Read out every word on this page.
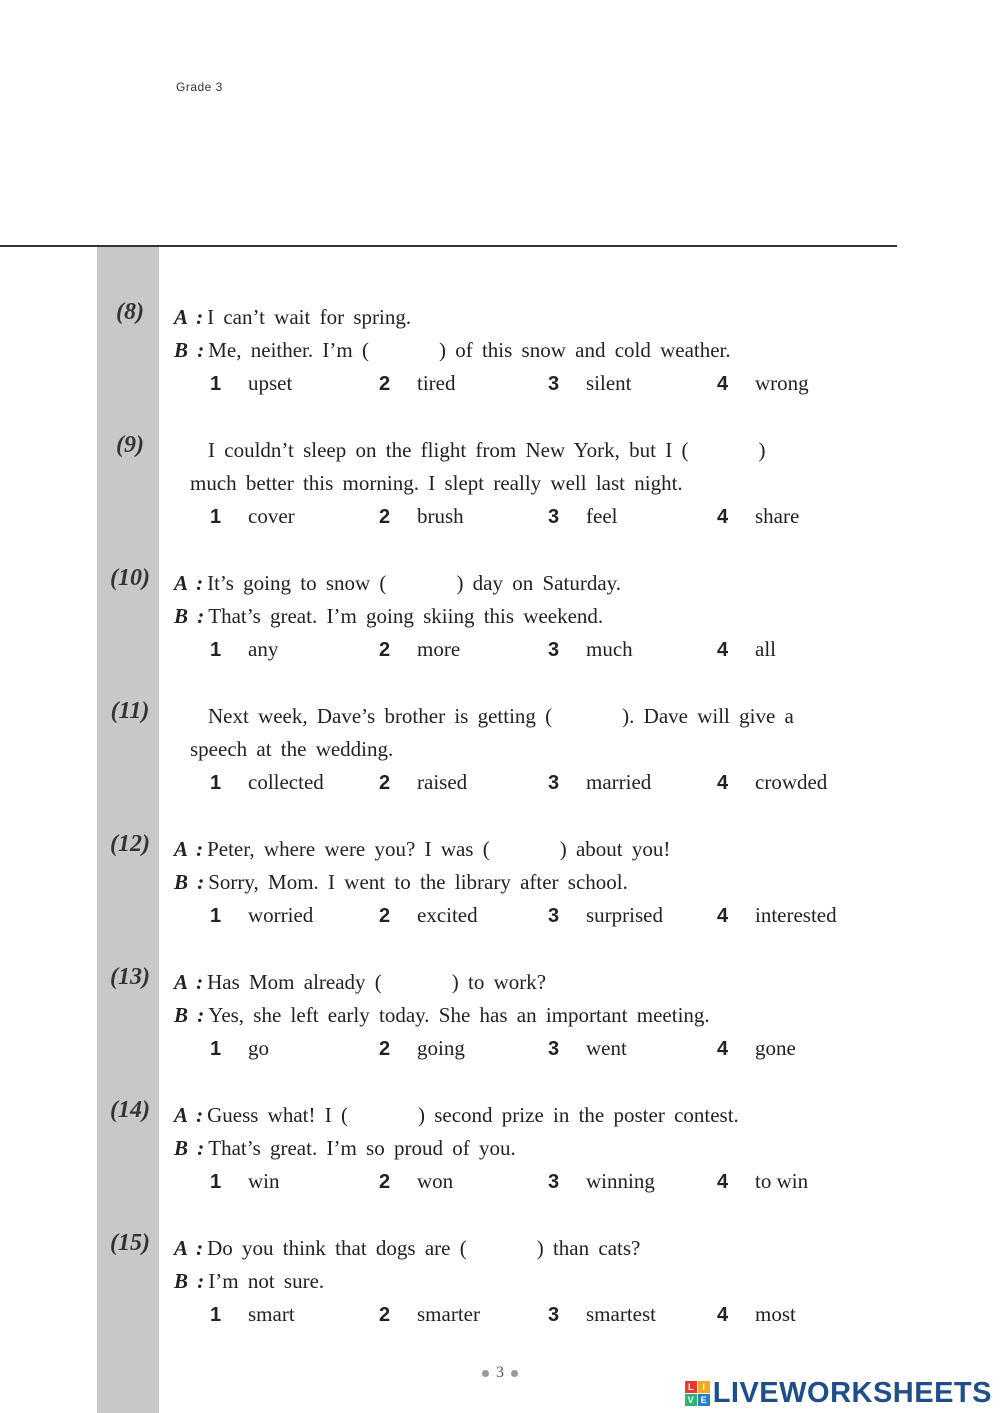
Grade 3
(8)	A : I can’t wait for spring.
B : Me, neither. I’m (	) of this snow and cold weather.
1 upset	2 tired	3 silent	4 wrong
(9)	I couldn’t sleep on the flight from New York, but I (	)
much better this morning. I slept really well last night.
1 cover	2 brush	3 feel	4 share
(10) A : It’s going to snow (	) day on Saturday.
B : That’s great. I’m going skiing this weekend.
1 any	2 more	3 much	4 all
(11)	Next week, Dave’s brother is getting (	). Dave will give a
speech at the wedding.
1 collected	2 raised	3 married	4 crowded
(12) A : Peter, where were you? I was (	) about you!
B : Sorry, Mom. I went to the library after school.
1 worried	2 excited	3 surprised	4 interested
(13) A : Has Mom already (	) to work?
B : Yes, she left early today. She has an important meeting.
1 go	2 going	3 went	4 gone
(14) A : Guess what! I (	) second prize in the poster contest.
B : That’s great. I’m so proud of you.
1 win	2 won	3 winning	4 to win
(15) A : Do you think that dogs are (	) than cats?
B : I’m not sure.
1 smart	2 smarter	3 smartest	4 most
3
L I
V E LIVEWORKSHEETS
